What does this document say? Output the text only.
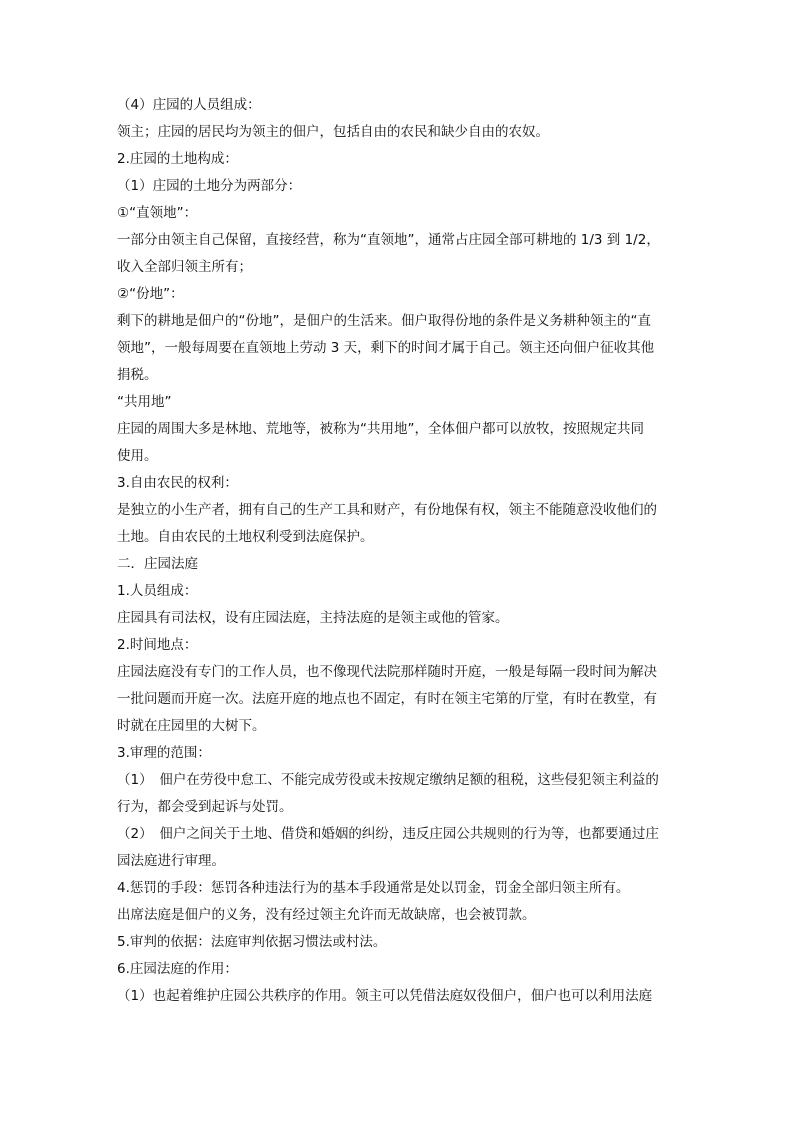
（4）庄园的人员组成：
领主；庄园的居民均为领主的佃户，包括自由的农民和缺少自由的农奴。
2.庄园的土地构成：
（1）庄园的土地分为两部分：
①“直领地”：
一部分由领主自己保留，直接经营，称为“直领地”，通常占庄园全部可耕地的 1/3 到 1/2，
收入全部归领主所有；
②“份地”：
剩下的耕地是佃户的“份地”，是佃户的生活来。佃户取得份地的条件是义务耕种领主的“直
领地”，一般每周要在直领地上劳动 3 天，剩下的时间才属于自己。领主还向佃户征收其他
捐税。
“共用地”
庄园的周围大多是林地、荒地等，被称为“共用地”，全体佃户都可以放牧，按照规定共同
使用。
3.自由农民的权利：
是独立的小生产者，拥有自己的生产工具和财产，有份地保有权，领主不能随意没收他们的
土地。自由农民的土地权利受到法庭保护。
二．庄园法庭
1.人员组成：
庄园具有司法权，设有庄园法庭，主持法庭的是领主或他的管家。
2.时间地点：
庄园法庭没有专门的工作人员，也不像现代法院那样随时开庭，一般是每隔一段时间为解决
一批问题而开庭一次。法庭开庭的地点也不固定，有时在领主宅第的厅堂，有时在教堂，有
时就在庄园里的大树下。
3.审理的范围：
（1）　佃户在劳役中怠工、不能完成劳役或未按规定缴纳足额的租税，这些侵犯领主利益的
行为，都会受到起诉与处罚。
（2）　佃户之间关于土地、借贷和婚姻的纠纷，违反庄园公共规则的行为等，也都要通过庄
园法庭进行审理。
4.惩罚的手段：惩罚各种违法行为的基本手段通常是处以罚金，罚金全部归领主所有。
出席法庭是佃户的义务，没有经过领主允许而无故缺席，也会被罚款。
5.审判的依据：法庭审判依据习惯法或村法。
6.庄园法庭的作用：
（1）也起着维护庄园公共秩序的作用。领主可以凭借法庭奴役佃户，佃户也可以利用法庭
